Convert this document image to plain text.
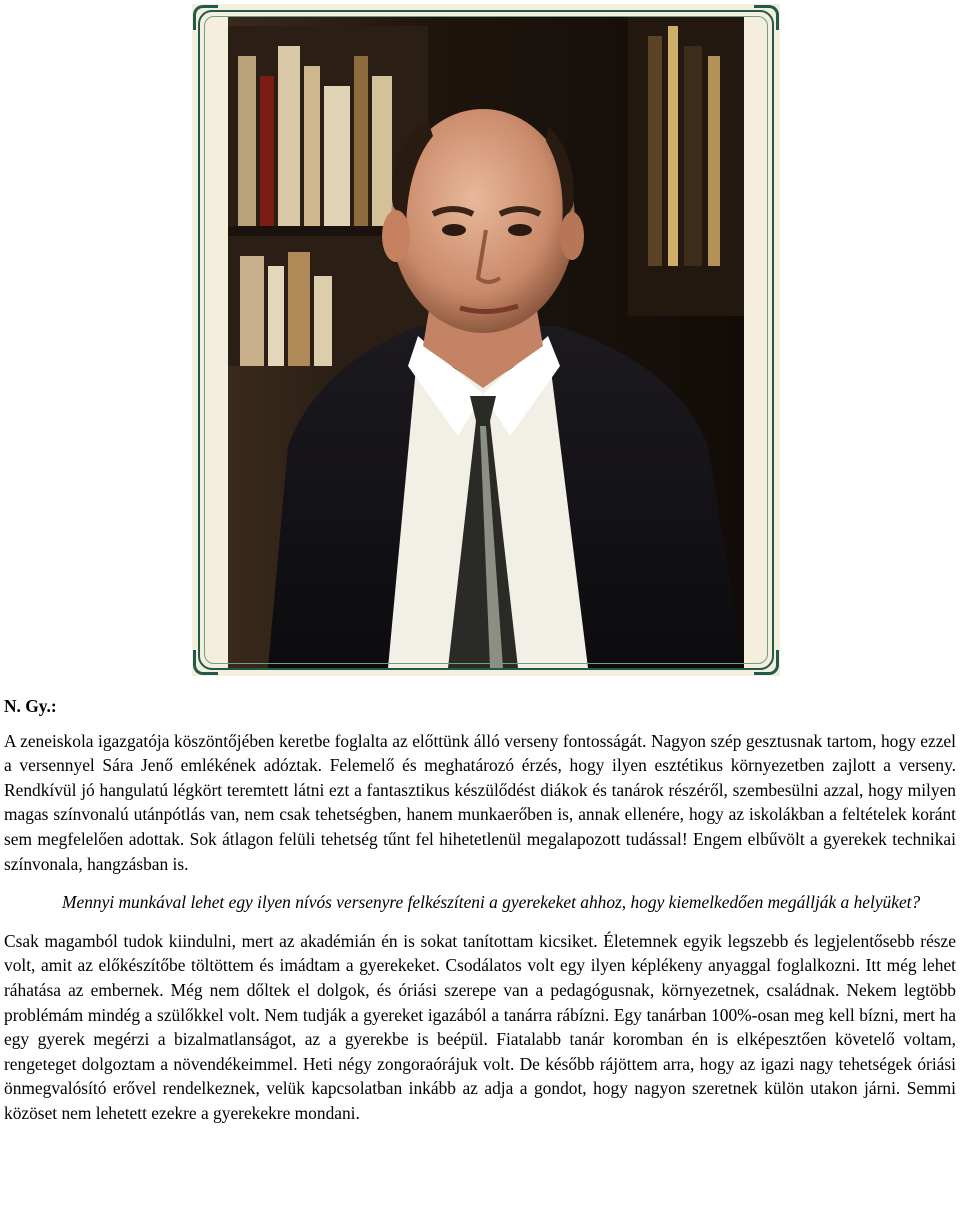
N. Gy.:

A zeneiskola igazgatója köszöntőjében keretbe foglalta az előttünk álló verseny fontosságát. Nagyon szép gesztusnak tartom, hogy ezzel a versennyel Sára Jenő emlékének adóztak. Felemelő és meghatározó érzés, hogy ilyen esztétikus környezetben zajlott a verseny. Rendkívül jó hangulatú légkört teremtett látni ezt a fantasztikus készülődést diákok és tanárok részéről, szembesülni azzal, hogy milyen magas színvonalú utánpótlás van, nem csak tehetségben, hanem munkaerőben is, annak ellenére, hogy az iskolákban a feltételek koránt sem megfelelően adottak. Sok átlagon felüli tehetség tűnt fel hihetetlenül megalapozott tudással! Engem elbűvölt a gyerekek technikai színvonala, hangzásban is.

Mennyi munkával lehet egy ilyen nívós versenyre felkészíteni a gyerekeket ahhoz, hogy kiemelkedően megállják a helyüket?

Csak magamból tudok kiindulni, mert az akadémián én is sokat tanítottam kicsiket. Életemnek egyik legszebb és legjelentősebb része volt, amit az előkészítőbe töltöttem és imádtam a gyerekeket. Csodálatos volt egy ilyen képlékeny anyaggal foglalkozni. Itt még lehet ráhatása az embernek. Még nem dőltek el dolgok, és óriási szerepe van a pedagógusnak, környezetnek, családnak. Nekem legtöbb problémám mindég a szülőkkel volt. Nem tudják a gyereket igazából a tanárra rábízni. Egy tanárban 100%-osan meg kell bízni, mert ha egy gyerek megérzi a bizalmatlanságot, az a gyerekbe is beépül. Fiatalabb tanár koromban én is elképesztően követelő voltam, rengeteget dolgoztam a növendékeimmel. Heti négy zongoraórájuk volt. De később rájöttem arra, hogy az igazi nagy tehetségek óriási önmegvalósító erővel rendelkeznek, velük kapcsolatban inkább az adja a gondot, hogy nagyon szeretnek külön utakon járni. Semmi közöset nem lehetett ezekre a gyerekekre mondani.
